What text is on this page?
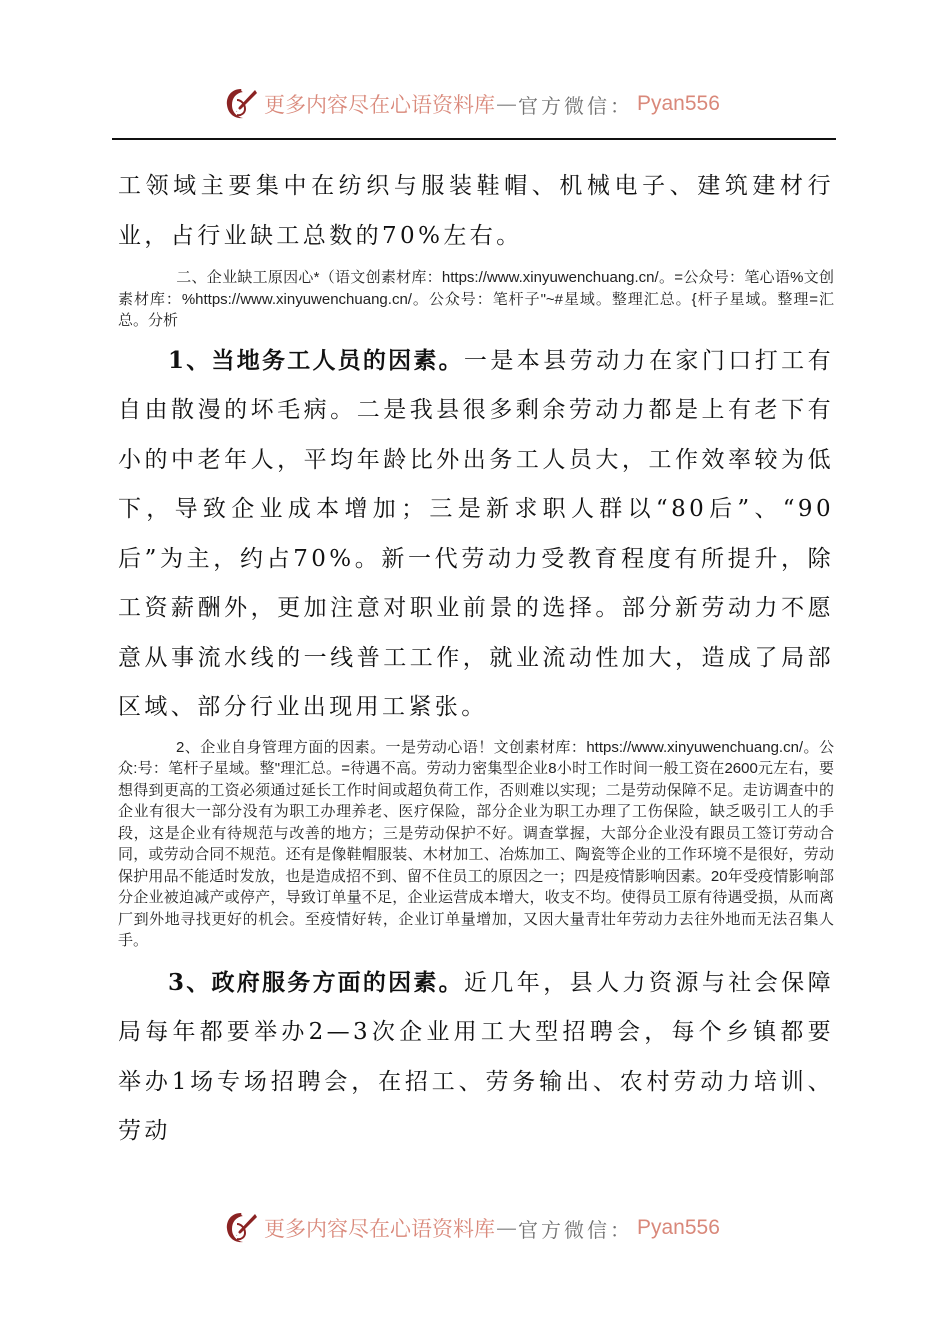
更多内容尽在心语资料库 — 官方微信： Pyan556

工领域主要集中在纺织与服装鞋帽、机械电子、建筑建材行业，占行业缺工总数的70%左右。

二、企业缺工原因心*（语文创素材库：https://www.xinyuwenchuang.cn/。=公众号：笔心语%文创素材库：%https://www.xinyuwenchuang.cn/。公众号：笔杆子"~#星域。整理汇总。{杆子星域。整理=汇总。分析

1、当地务工人员的因素。一是本县劳动力在家门口打工有自由散漫的坏毛病。二是我县很多剩余劳动力都是上有老下有小的中老年人，平均年龄比外出务工人员大，工作效率较为低下，导致企业成本增加；三是新求职人群以“80后”、“90后”为主，约占70%。新一代劳动力受教育程度有所提升，除工资薪酬外，更加注意对职业前景的选择。部分新劳动力不愿意从事流水线的一线普工工作，就业流动性加大，造成了局部区域、部分行业出现用工紧张。

2、企业自身管理方面的因素。一是劳动心语！文创素材库：https://www.xinyuwenchuang.cn/。公众:号：笔杆子星域。整"理汇总。=待遇不高。劳动力密集型企业8小时工作时间一般工资在2600元左右，要想得到更高的工资必须通过延长工作时间或超负荷工作，否则难以实现；二是劳动保障不足。走访调查中的企业有很大一部分没有为职工办理养老、医疗保险，部分企业为职工办理了工伤保险，缺乏吸引工人的手段，这是企业有待规范与改善的地方；三是劳动保护不好。调查掌握，大部分企业没有跟员工签订劳动合同，或劳动合同不规范。还有是像鞋帽服装、木材加工、冶炼加工、陶瓷等企业的工作环境不是很好，劳动保护用品不能适时发放，也是造成招不到、留不住员工的原因之一；四是疫情影响因素。20年受疫情影响部分企业被迫减产或停产，导致订单量不足，企业运营成本增大，收支不均。使得员工原有待遇受损，从而离厂到外地寻找更好的机会。至疫情好转，企业订单量增加，又因大量青壮年劳动力去往外地而无法召集人手。

3、政府服务方面的因素。近几年，县人力资源与社会保障局每年都要举办2—3次企业用工大型招聘会，每个乡镇都要举办1场专场招聘会，在招工、劳务输出、农村劳动力培训、劳动

更多内容尽在心语资料库 — 官方微信： Pyan556
